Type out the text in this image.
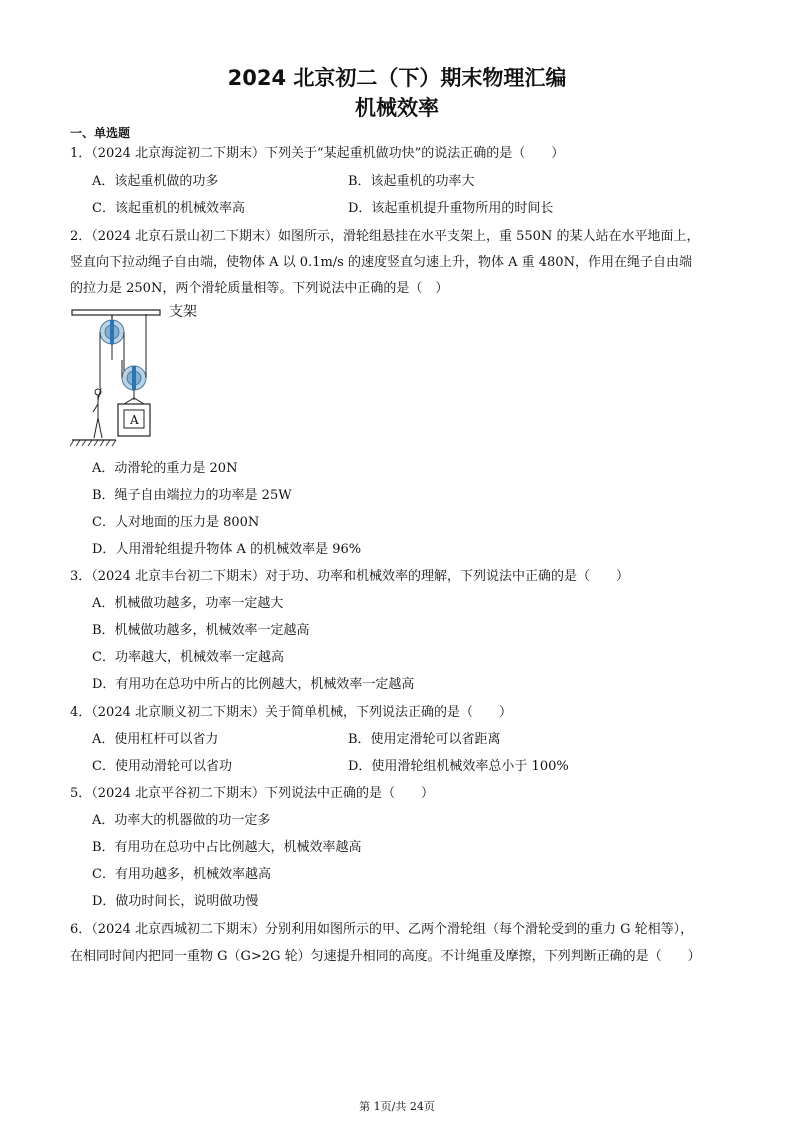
2024 北京初二（下）期末物理汇编
机械效率
一、单选题
1．（2024 北京海淀初二下期末）下列关于“某起重机做功快”的说法正确的是（　　）
A．该起重机做的功多	B．该起重机的功率大
C．该起重机的机械效率高	D．该起重机提升重物所用的时间长
2．（2024 北京石景山初二下期末）如图所示，滑轮组悬挂在水平支架上，重 550N 的某人站在水平地面上，
竖直向下拉动绳子自由端，使物体 A 以 0.1m/s 的速度竖直匀速上升，物体 A 重 480N，作用在绳子自由端
的拉力是 250N，两个滑轮质量相等。下列说法中正确的是（　）
支架
A
A．动滑轮的重力是 20N
B．绳子自由端拉力的功率是 25W
C．人对地面的压力是 800N
D．人用滑轮组提升物体 A 的机械效率是 96%
3．（2024 北京丰台初二下期末）对于功、功率和机械效率的理解，下列说法中正确的是（　　）
A．机械做功越多，功率一定越大
B．机械做功越多，机械效率一定越高
C．功率越大，机械效率一定越高
D．有用功在总功中所占的比例越大，机械效率一定越高
4．（2024 北京顺义初二下期末）关于简单机械，下列说法正确的是（　　）
A．使用杠杆可以省力	B．使用定滑轮可以省距离
C．使用动滑轮可以省功	D．使用滑轮组机械效率总小于 100%
5．（2024 北京平谷初二下期末）下列说法中正确的是（　　）
A．功率大的机器做的功一定多
B．有用功在总功中占比例越大，机械效率越高
C．有用功越多，机械效率越高
D．做功时间长，说明做功慢
6．（2024 北京西城初二下期末）分别利用如图所示的甲、乙两个滑轮组（每个滑轮受到的重力 G 轮相等），
在相同时间内把同一重物 G（G>2G 轮）匀速提升相同的高度。不计绳重及摩擦，下列判断正确的是（　　）
第 1页/共 24页
